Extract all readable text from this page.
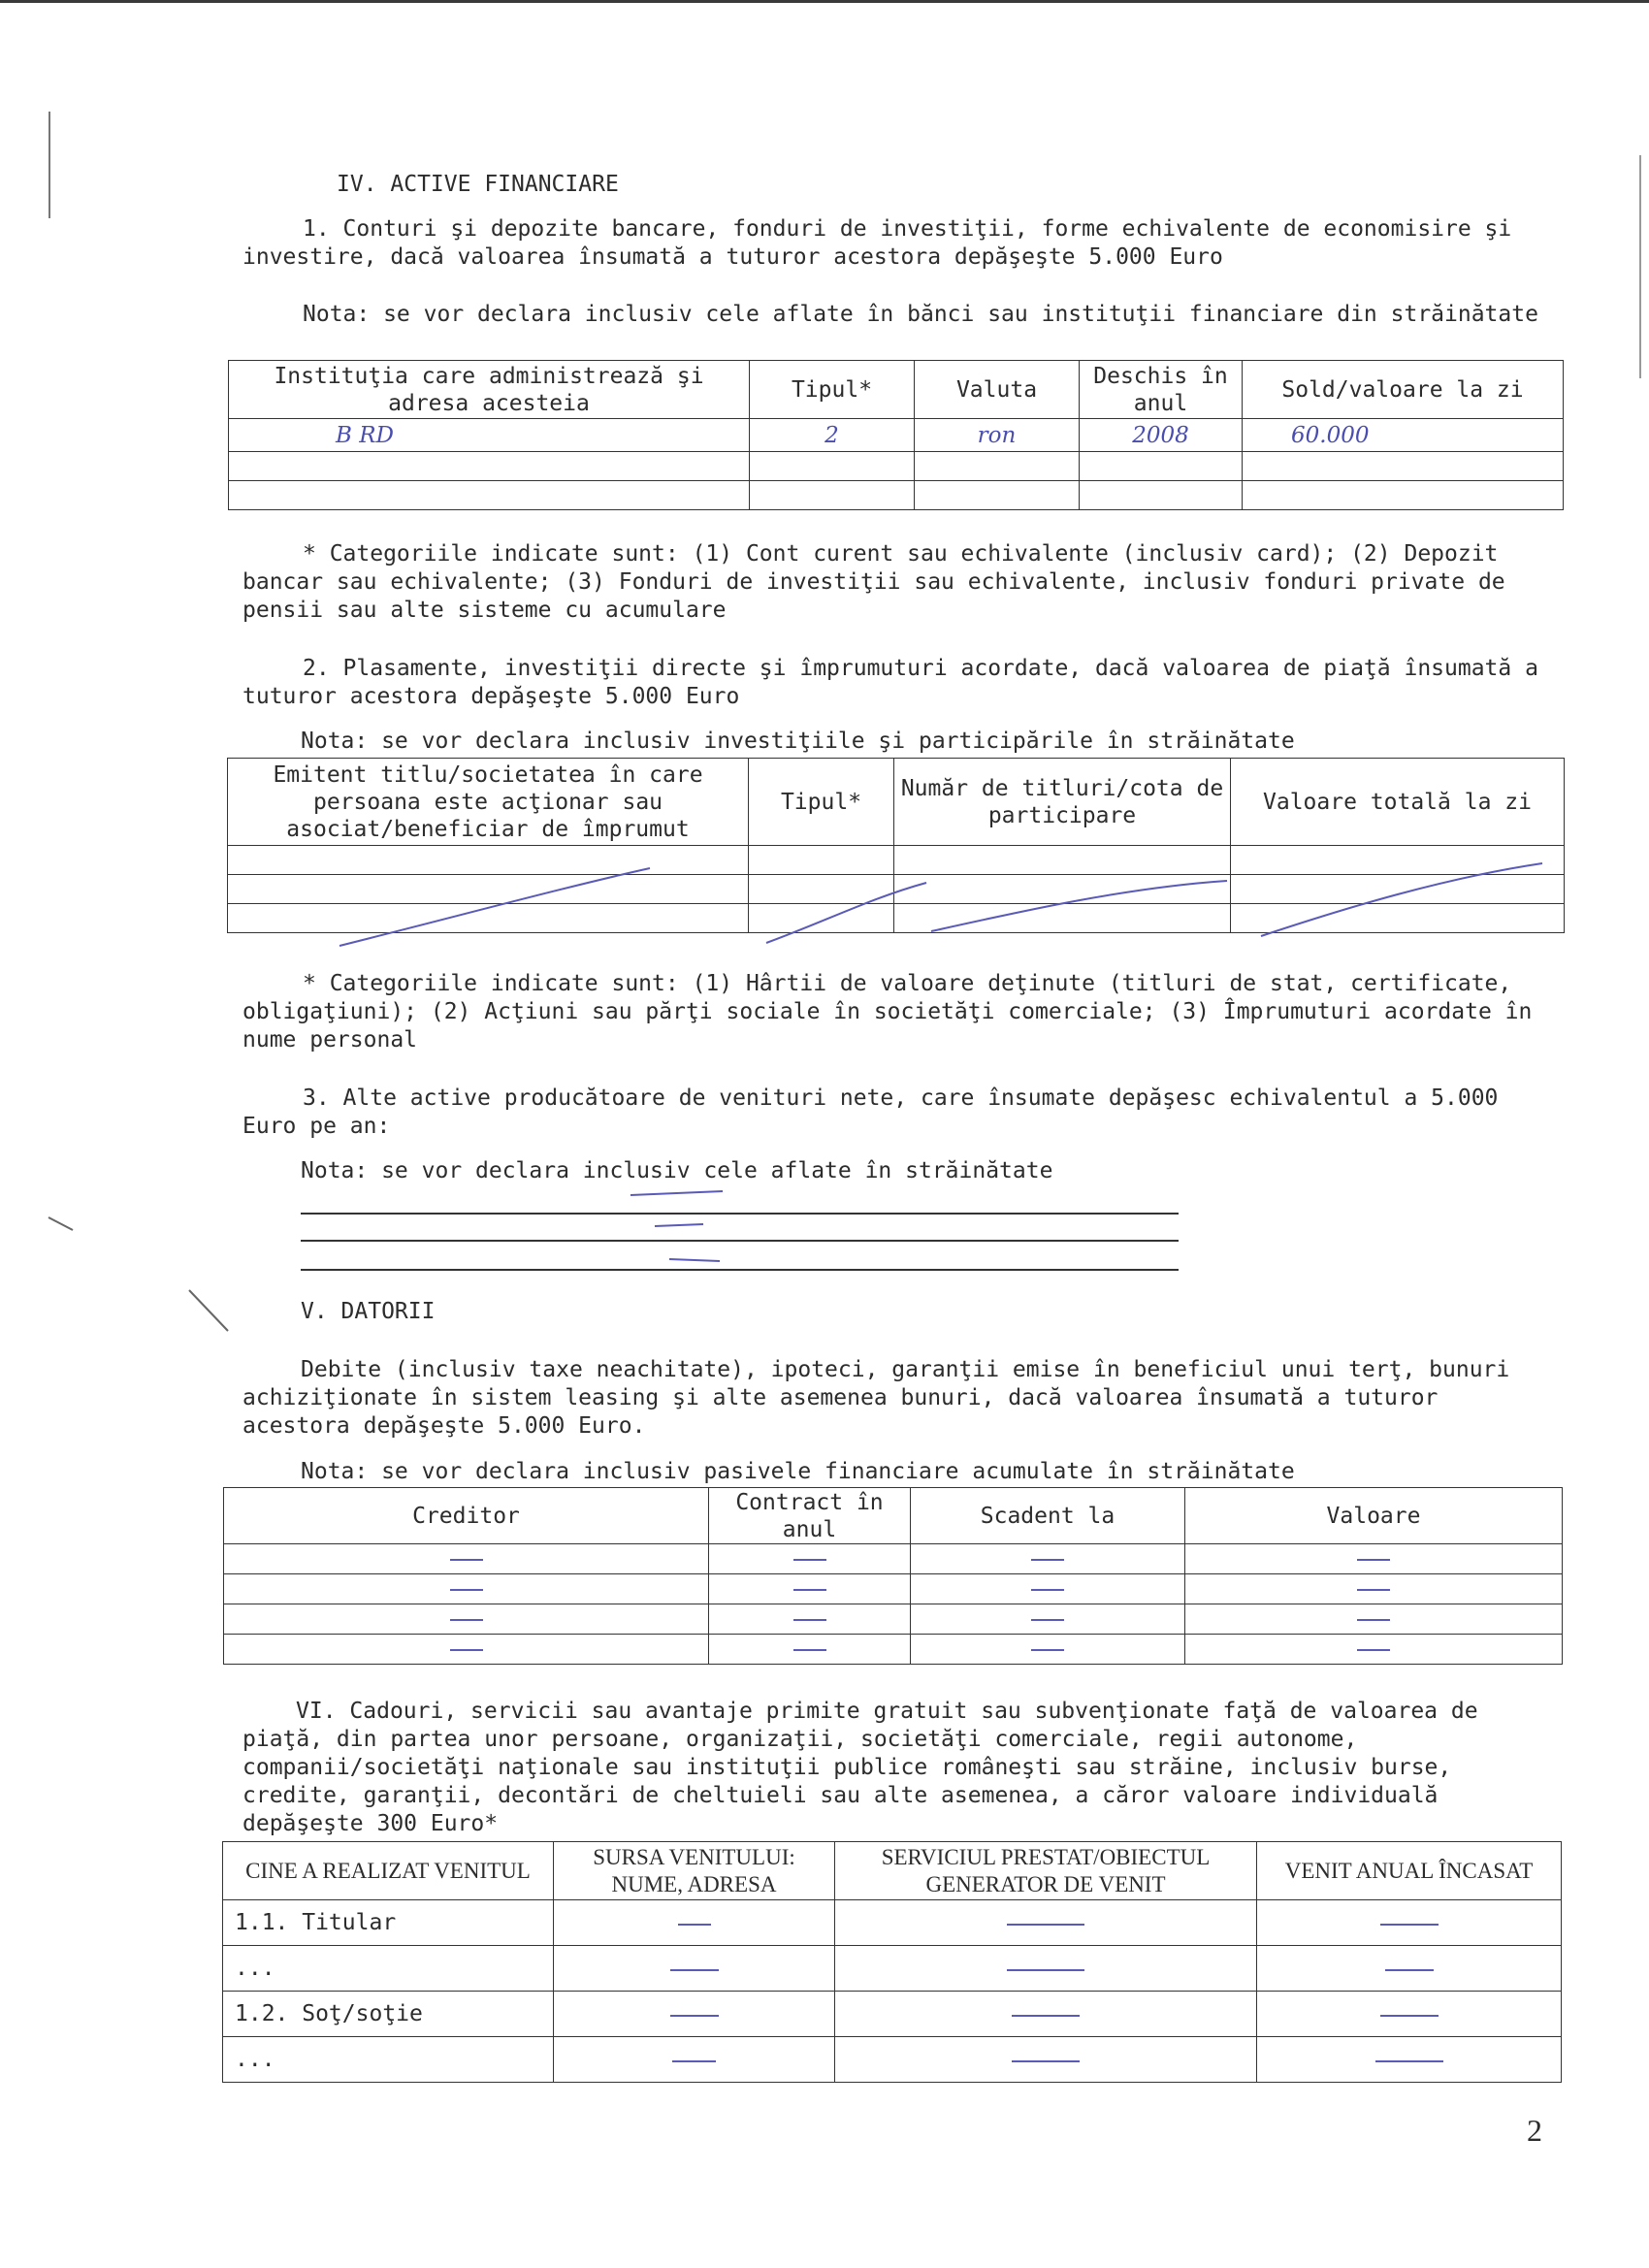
IV. ACTIVE FINANCIARE
1. Conturi şi depozite bancare, fonduri de investiţii, forme echivalente de economisire şi investire, dacă valoarea însumată a tuturor acestora depăşeşte 5.000 Euro
Nota: se vor declara inclusiv cele aflate în bănci sau instituţii financiare din străinătate
Instituţia care administrează şi adresa acesteia	Tipul*	Valuta	Deschis în anul	Sold/valoare la zi
B RD	2	ron	2008	60.000

* Categoriile indicate sunt: (1) Cont curent sau echivalente (inclusiv card); (2) Depozit bancar sau echivalente; (3) Fonduri de investiţii sau echivalente, inclusiv fonduri private de pensii sau alte sisteme cu acumulare
2. Plasamente, investiţii directe şi împrumuturi acordate, dacă valoarea de piaţă însumată a tuturor acestora depăşeşte 5.000 Euro
Nota: se vor declara inclusiv investiţiile şi participările în străinătate
Emitent titlu/societatea în care persoana este acţionar sau asociat/beneficiar de împrumut	Tipul*	Număr de titluri/cota de participare	Valoare totală la zi

* Categoriile indicate sunt: (1) Hârtii de valoare deţinute (titluri de stat, certificate, obligaţiuni); (2) Acţiuni sau părţi sociale în societăţi comerciale; (3) Împrumuturi acordate în nume personal
3. Alte active producătoare de venituri nete, care însumate depăşesc echivalentul a 5.000 Euro pe an:
Nota: se vor declara inclusiv cele aflate în străinătate
V. DATORII
Debite (inclusiv taxe neachitate), ipoteci, garanţii emise în beneficiul unui terţ, bunuri achiziţionate în sistem leasing şi alte asemenea bunuri, dacă valoarea însumată a tuturor acestora depăşeşte 5.000 Euro.
Nota: se vor declara inclusiv pasivele financiare acumulate în străinătate
Creditor	Contract în anul	Scadent la	Valoare

VI. Cadouri, servicii sau avantaje primite gratuit sau subvenţionate faţă de valoarea de piaţă, din partea unor persoane, organizaţii, societăţi comerciale, regii autonome, companii/societăţi naţionale sau instituţii publice româneşti sau străine, inclusiv burse, credite, garanţii, decontări de cheltuieli sau alte asemenea, a căror valoare individuală depăşeşte 300 Euro*
CINE A REALIZAT VENITUL	SURSA VENITULUI: NUME, ADRESA	SERVICIUL PRESTAT/OBIECTUL GENERATOR DE VENIT	VENIT ANUAL ÎNCASAT
1.1. Titular			
...			
1.2. Soţ/soţie			
...			
2
